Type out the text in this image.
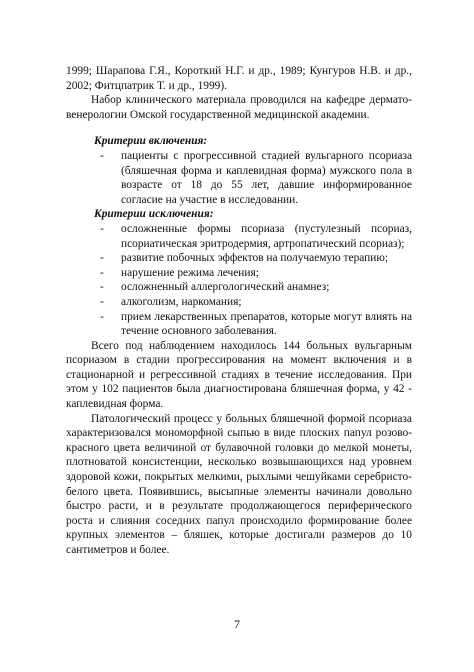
1999; Шарапова Г.Я., Короткий Н.Г. и др., 1989; Кунгуров Н.В. и др., 2002; Фитцпатрик Т. и др., 1999).

Набор клинического материала проводился на кафедре дермато-венерологии Омской государственной медицинской академии.

Критерии включения:
- пациенты с прогрессивной стадией вульгарного псориаза (бляшечная форма и каплевидная форма) мужского пола в возрасте от 18 до 55 лет, давшие информированное согласие на участие в исследовании.
Критерии исключения:
- осложненные формы псориаза (пустулезный псориаз, псориатическая эритродермия, артропатический псориаз);
- развитие побочных эффектов на получаемую терапию;
- нарушение режима лечения;
- осложненный аллергологический анамнез;
- алкоголизм, наркомания;
- прием лекарственных препаратов, которые могут влиять на течение основного заболевания.

Всего под наблюдением находилось 144 больных вульгарным псориазом в стадии прогрессирования на момент включения и в стационарной и регрессивной стадиях в течение исследования. При этом у 102 пациентов была диагностирована бляшечная форма, у 42 - каплевидная форма.

Патологический процесс у больных бляшечной формой псориаза характеризовался мономорфной сыпью в виде плоских папул розово-красного цвета величиной от булавочной головки до мелкой монеты, плотноватой консистенции, несколько возвышающихся над уровнем здоровой кожи, покрытых мелкими, рыхлыми чешуйками серебристо-белого цвета. Появившись, высыпные элементы начинали довольно быстро расти, и в результате продолжающегося периферического роста и слияния соседних папул происходило формирование более крупных элементов – бляшек, которые достигали размеров до 10 сантиметров и более.

7
